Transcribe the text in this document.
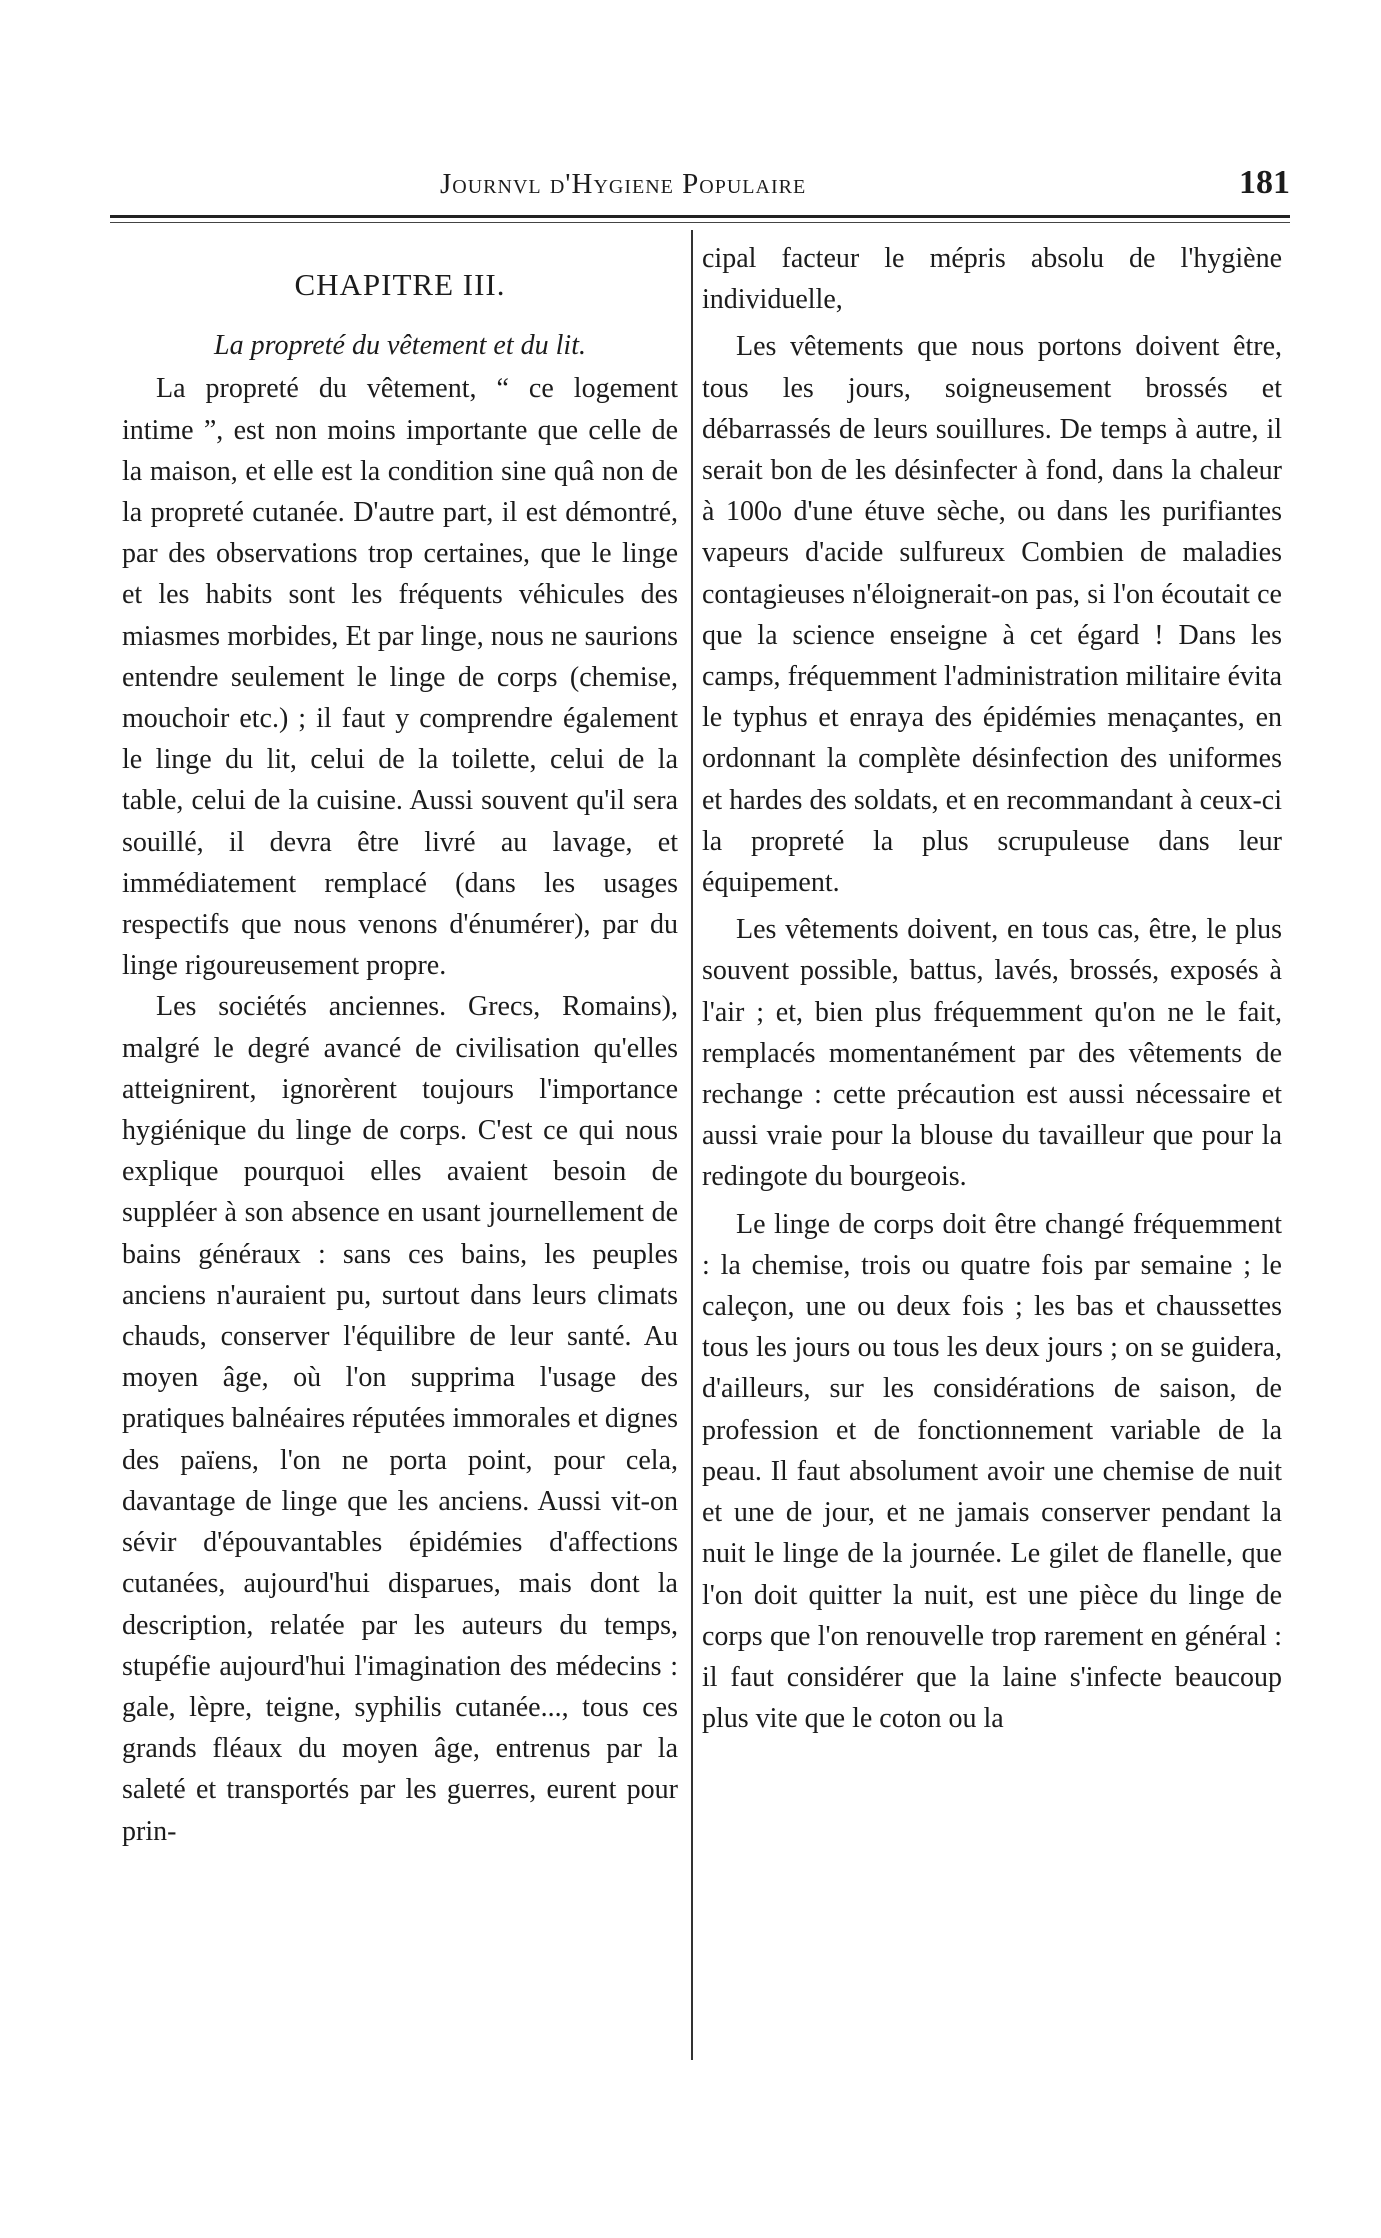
Journvl d'Hygiene Populaire	181
CHAPITRE III.
La propreté du vêtement et du lit.

La propreté du vêtement, “ ce logement intime ”, est non moins importante que celle de la maison, et elle est la condition sine quâ non de la propreté cutanée. D'autre part, il est démontré, par des observations trop certaines, que le linge et les habits sont les fréquents véhicules des miasmes morbides, Et par linge, nous ne saurions entendre seulement le linge de corps (chemise, mouchoir etc.) ; il faut y comprendre également le linge du lit, celui de la toilette, celui de la table, celui de la cuisine. Aussi souvent qu'il sera souillé, il devra être livré au lavage, et immédiatement remplacé (dans les usages respectifs que nous venons d'énumérer), par du linge rigoureusement propre.

Les sociétés anciennes. Grecs, Romains), malgré le degré avancé de civilisation qu'elles atteignirent, ignorèrent toujours l'importance hygiénique du linge de corps. C'est ce qui nous explique pourquoi elles avaient besoin de suppléer à son absence en usant journellement de bains généraux : sans ces bains, les peuples anciens n'auraient pu, surtout dans leurs climats chauds, conserver l'équilibre de leur santé. Au moyen âge, où l'on supprima l'usage des pratiques balnéaires réputées immorales et dignes des païens, l'on ne porta point, pour cela, davantage de linge que les anciens. Aussi vit-on sévir d'épouvantables épidémies d'affections cutanées, aujourd'hui disparues, mais dont la description, relatée par les auteurs du temps, stupéfie aujourd'hui l'imagination des médecins : gale, lèpre, teigne, syphilis cutanée..., tous ces grands fléaux du moyen âge, entrenus par la saleté et transportés par les guerres, eurent pour prin-

cipal facteur le mépris absolu de l'hygiène individuelle,

Les vêtements que nous portons doivent être, tous les jours, soigneusement brossés et débarrassés de leurs souillures. De temps à autre, il serait bon de les désinfecter à fond, dans la chaleur à 100o d'une étuve sèche, ou dans les purifiantes vapeurs d'acide sulfureux Combien de maladies contagieuses n'éloignerait-on pas, si l'on écoutait ce que la science enseigne à cet égard ! Dans les camps, fréquemment l'administration militaire évita le typhus et enraya des épidémies menaçantes, en ordonnant la complète désinfection des uniformes et hardes des soldats, et en recommandant à ceux-ci la propreté la plus scrupuleuse dans leur équipement.

Les vêtements doivent, en tous cas, être, le plus souvent possible, battus, lavés, brossés, exposés à l'air ; et, bien plus fréquemment qu'on ne le fait, remplacés momentanément par des vêtements de rechange : cette précaution est aussi nécessaire et aussi vraie pour la blouse du tavailleur que pour la redingote du bourgeois.

Le linge de corps doit être changé fréquemment : la chemise, trois ou quatre fois par semaine ; le caleçon, une ou deux fois ; les bas et chaussettes tous les jours ou tous les deux jours ; on se guidera, d'ailleurs, sur les considérations de saison, de profession et de fonctionnement variable de la peau. Il faut absolument avoir une chemise de nuit et une de jour, et ne jamais conserver pendant la nuit le linge de la journée. Le gilet de flanelle, que l'on doit quitter la nuit, est une pièce du linge de corps que l'on renouvelle trop rarement en général : il faut considérer que la laine s'infecte beaucoup plus vite que le coton ou la
